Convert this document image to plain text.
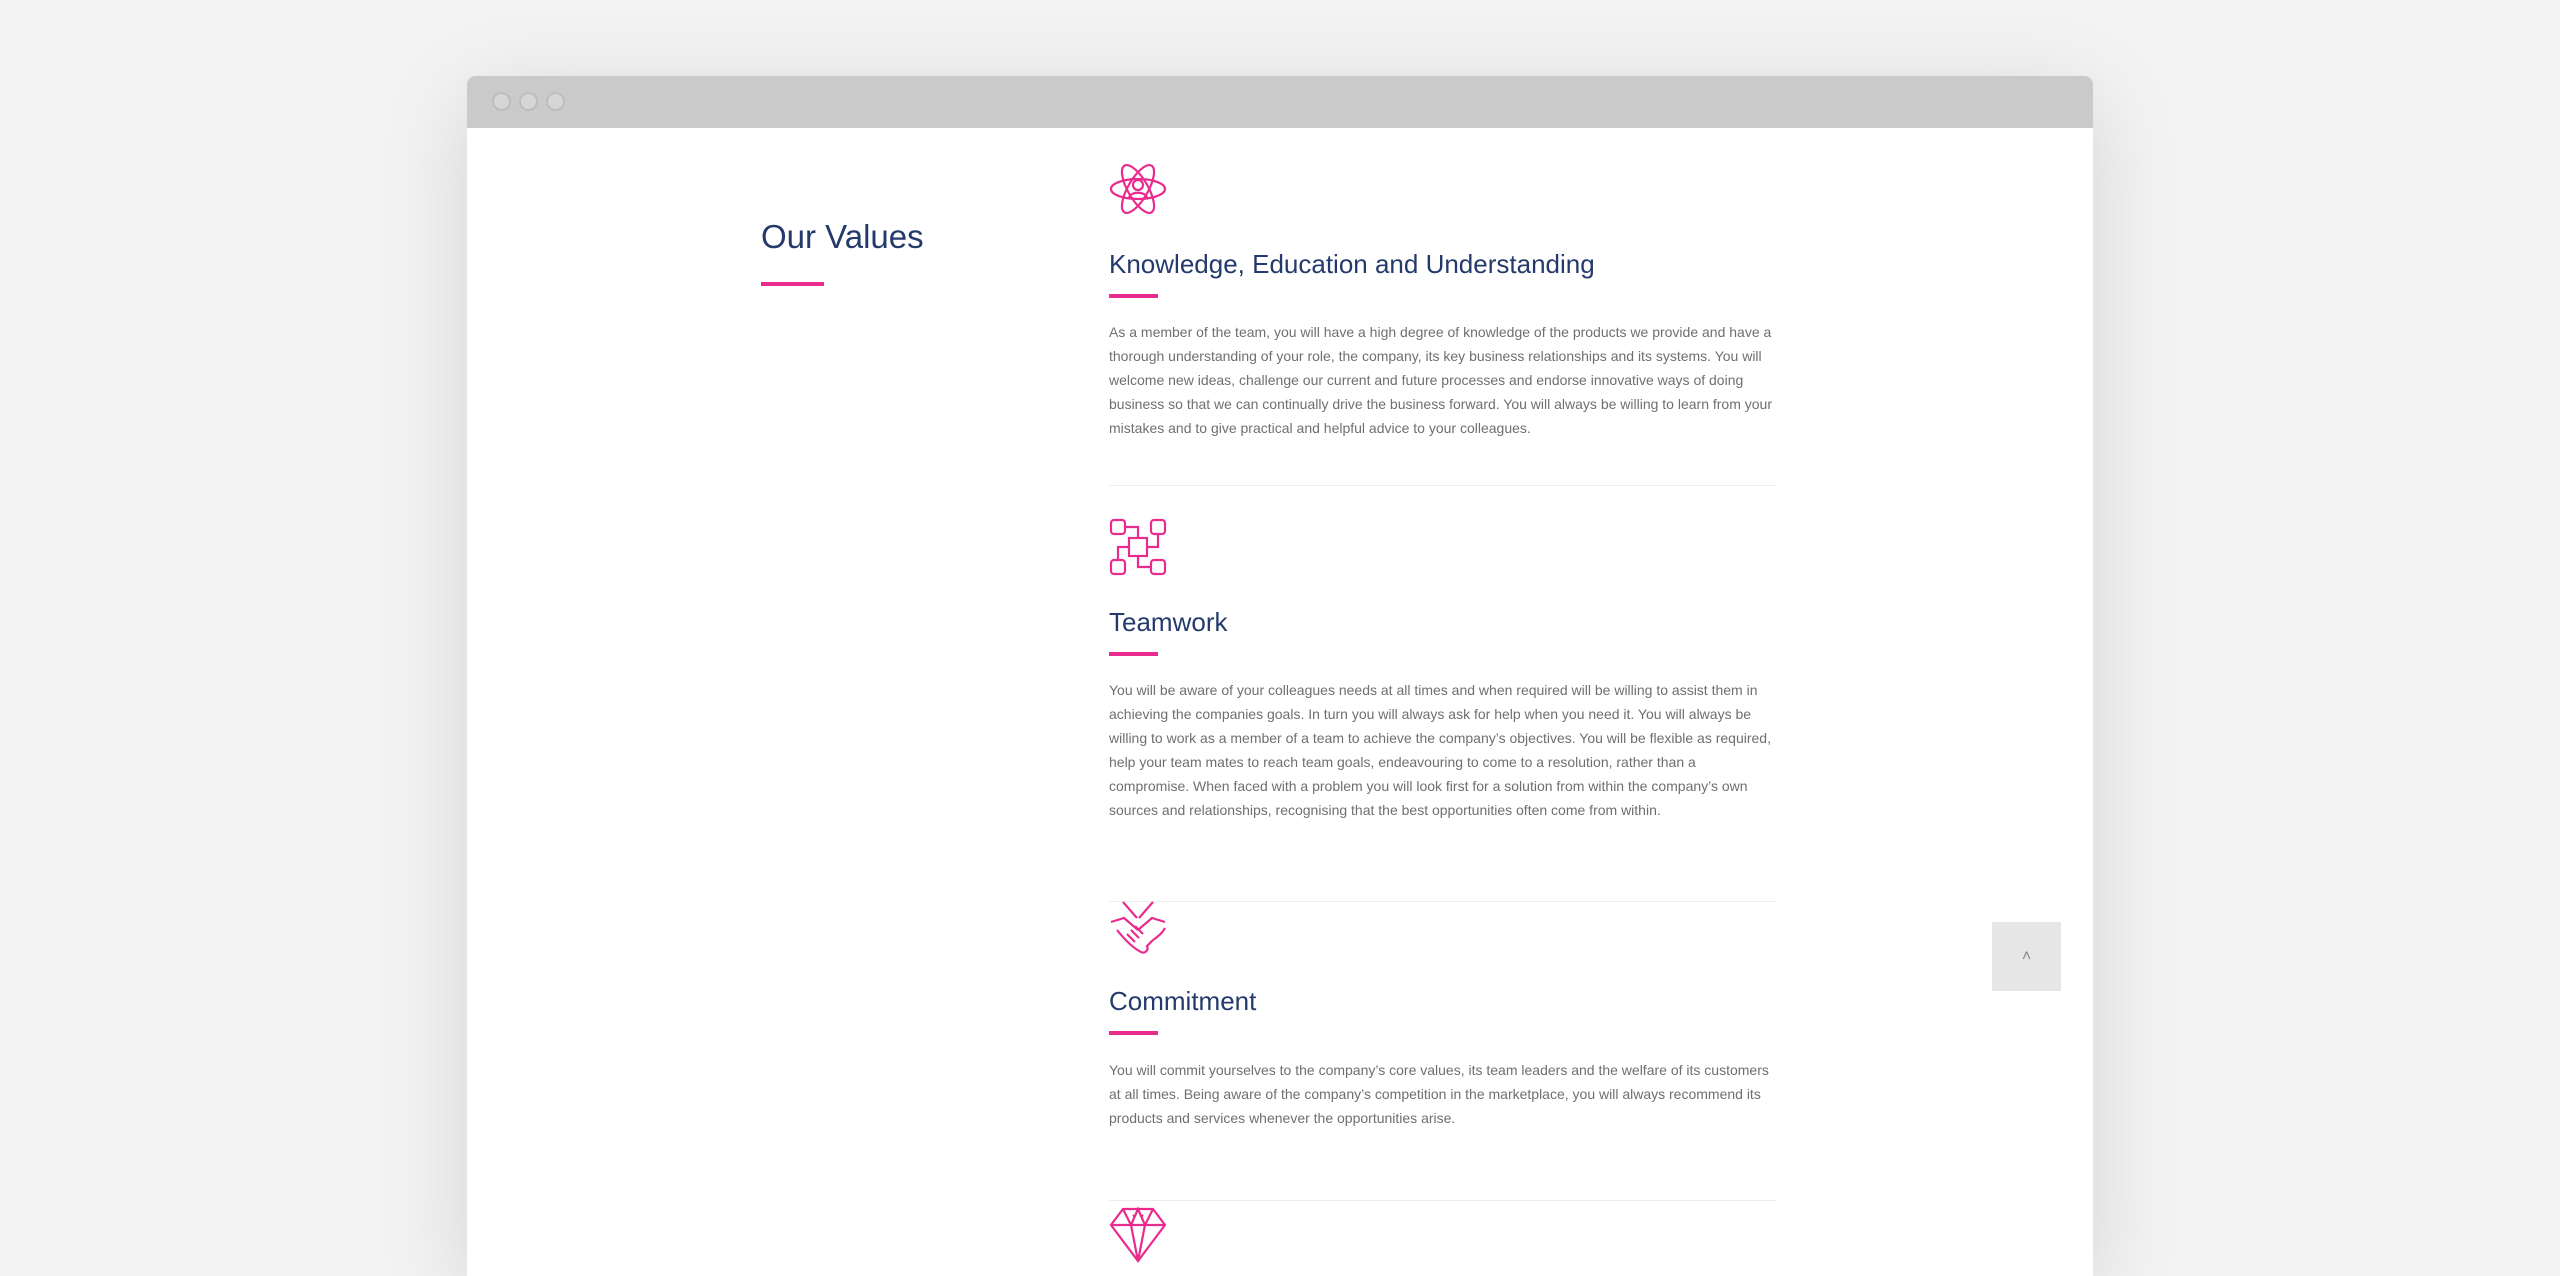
Our Values
Knowledge, Education and Understanding

As a member of the team, you will have a high degree of knowledge of the products we provide and have a thorough understanding of your role, the company, its key business relationships and its systems. You will welcome new ideas, challenge our current and future processes and endorse innovative ways of doing business so that we can continually drive the business forward. You will always be willing to learn from your mistakes and to give practical and helpful advice to your colleagues.

Teamwork

You will be aware of your colleagues needs at all times and when required will be willing to assist them in achieving the companies goals. In turn you will always ask for help when you need it. You will always be willing to work as a member of a team to achieve the company’s objectives. You will be flexible as required, help your team mates to reach team goals, endeavouring to come to a resolution, rather than a compromise. When faced with a problem you will look first for a solution from within the company’s own sources and relationships, recognising that the best opportunities often come from within.

Commitment

You will commit yourselves to the company’s core values, its team leaders and the welfare of its customers at all times. Being aware of the company’s competition in the marketplace, you will always recommend its products and services whenever the opportunities arise.

˄
